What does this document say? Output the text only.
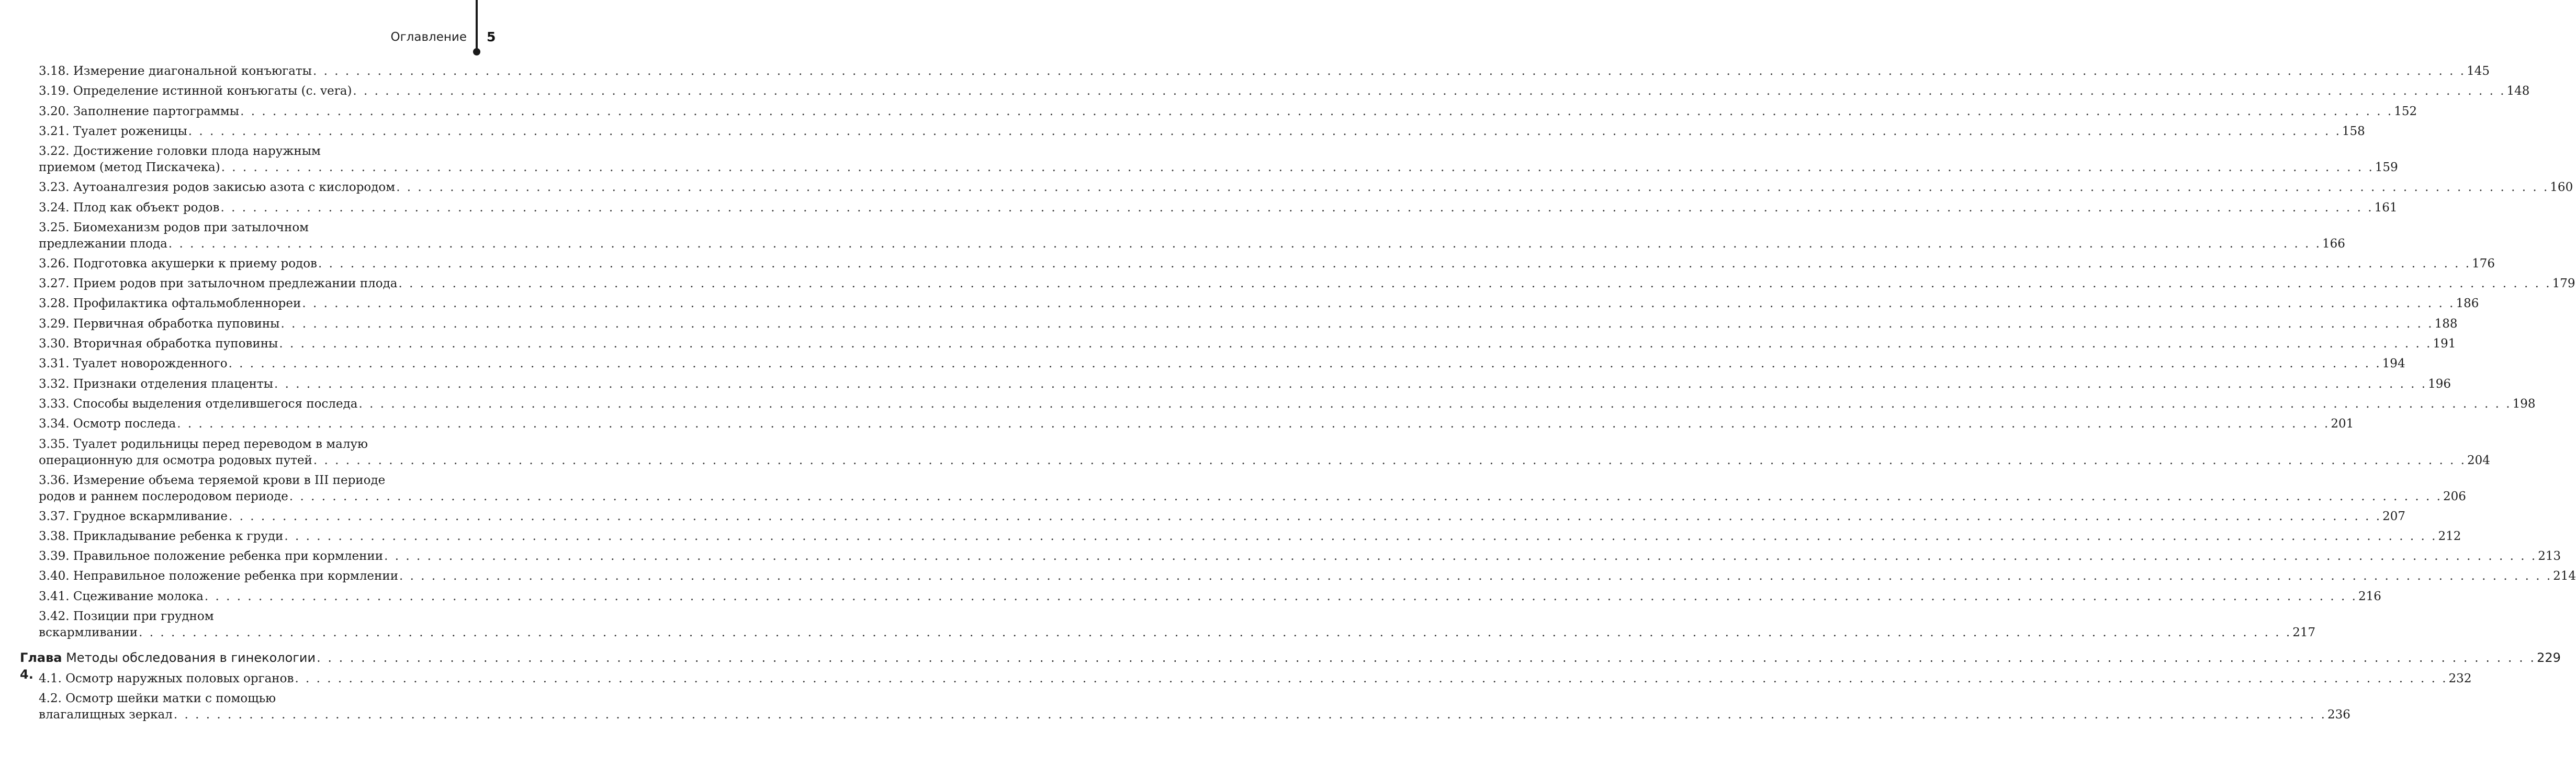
Оглавление 5
3.18. Измерение диагональной конъюгаты . . . . . . . . . . . . . . . . . . . . . . . . . . . . . . . . . . . . . . . . . . . . . . . . . . . . . . . . . . . . . . . . . . . . . . . . . . . . . . . . . . . . . . . . . . . . . . . . . . . . . . . . . . . . . . . . . . . . . . . . . . . . . . . . . . . . . . . . . . . . . . . . . . . . . . . . . . . . . . . . . . . . . . . . . . . . . . . . . . . . . . . . . . . . . . . . . . . . . . . . 145
3.19. Определение истинной конъюгаты (c. vera) . . . . . . . . . . . . . . . . . . . . . . . . . . . . . . . . . . . . . . . . . . . . . . . . . . . . . . . . . . . . . . . . . . . . . . . . . . . . . . . . . . . . . . . . . . . . . . . . . . . . . . . . . . . . . . . . . . . . . . . . . . . . . . . . . . . . . . . . . . . . . . . . . . . . . . . . . . . . . . . . . . . . . . . . . . . . . . . . . . . . . . . . . . . . . . . . . . . . . . . . 148
3.20. Заполнение партограммы . . . . . . . . . . . . . . . . . . . . . . . . . . . . . . . . . . . . . . . . . . . . . . . . . . . . . . . . . . . . . . . . . . . . . . . . . . . . . . . . . . . . . . . . . . . . . . . . . . . . . . . . . . . . . . . . . . . . . . . . . . . . . . . . . . . . . . . . . . . . . . . . . . . . . . . . . . . . . . . . . . . . . . . . . . . . . . . . . . . . . . . . . . . . . . . . . . . . . . . . 152
3.21. Туалет роженицы . . . . . . . . . . . . . . . . . . . . . . . . . . . . . . . . . . . . . . . . . . . . . . . . . . . . . . . . . . . . . . . . . . . . . . . . . . . . . . . . . . . . . . . . . . . . . . . . . . . . . . . . . . . . . . . . . . . . . . . . . . . . . . . . . . . . . . . . . . . . . . . . . . . . . . . . . . . . . . . . . . . . . . . . . . . . . . . . . . . . . . . . . . . . . . . . . . . . . . . . 158
3.22. Достижение головки плода наружным
приемом (метод Пискачека) . . . . . . . . . . . . . . . . . . . . . . . . . . . . . . . . . . . . . . . . . . . . . . . . . . . . . . . . . . . . . . . . . . . . . . . . . . . . . . . . . . . . . . . . . . . . . . . . . . . . . . . . . . . . . . . . . . . . . . . . . . . . . . . . . . . . . . . . . . . . . . . . . . . . . . . . . . . . . . . . . . . . . . . . . . . . . . . . . . . . . . . . . . . . . . . . . . . . . . . . 159
3.23. Аутоаналгезия родов закисью азота с кислородом . . . . . . . . . . . . . . . . . . . . . . . . . . . . . . . . . . . . . . . . . . . . . . . . . . . . . . . . . . . . . . . . . . . . . . . . . . . . . . . . . . . . . . . . . . . . . . . . . . . . . . . . . . . . . . . . . . . . . . . . . . . . . . . . . . . . . . . . . . . . . . . . . . . . . . . . . . . . . . . . . . . . . . . . . . . . . . . . . . . . . . . . . . . . . . . . . . . . . . . . 160
3.24. Плод как объект родов . . . . . . . . . . . . . . . . . . . . . . . . . . . . . . . . . . . . . . . . . . . . . . . . . . . . . . . . . . . . . . . . . . . . . . . . . . . . . . . . . . . . . . . . . . . . . . . . . . . . . . . . . . . . . . . . . . . . . . . . . . . . . . . . . . . . . . . . . . . . . . . . . . . . . . . . . . . . . . . . . . . . . . . . . . . . . . . . . . . . . . . . . . . . . . . . . . . . . . . . 161
3.25. Биомеханизм родов при затылочном
предлежании плода . . . . . . . . . . . . . . . . . . . . . . . . . . . . . . . . . . . . . . . . . . . . . . . . . . . . . . . . . . . . . . . . . . . . . . . . . . . . . . . . . . . . . . . . . . . . . . . . . . . . . . . . . . . . . . . . . . . . . . . . . . . . . . . . . . . . . . . . . . . . . . . . . . . . . . . . . . . . . . . . . . . . . . . . . . . . . . . . . . . . . . . . . . . . . . . . . . . . . . . . 166
3.26. Подготовка акушерки к приему родов . . . . . . . . . . . . . . . . . . . . . . . . . . . . . . . . . . . . . . . . . . . . . . . . . . . . . . . . . . . . . . . . . . . . . . . . . . . . . . . . . . . . . . . . . . . . . . . . . . . . . . . . . . . . . . . . . . . . . . . . . . . . . . . . . . . . . . . . . . . . . . . . . . . . . . . . . . . . . . . . . . . . . . . . . . . . . . . . . . . . . . . . . . . . . . . . . . . . . . . . 176
3.27. Прием родов при затылочном предлежании плода . . . . . . . . . . . . . . . . . . . . . . . . . . . . . . . . . . . . . . . . . . . . . . . . . . . . . . . . . . . . . . . . . . . . . . . . . . . . . . . . . . . . . . . . . . . . . . . . . . . . . . . . . . . . . . . . . . . . . . . . . . . . . . . . . . . . . . . . . . . . . . . . . . . . . . . . . . . . . . . . . . . . . . . . . . . . . . . . . . . . . . . . . . . . . . . . . . . . . . . . 179
3.28. Профилактика офтальмобленнореи . . . . . . . . . . . . . . . . . . . . . . . . . . . . . . . . . . . . . . . . . . . . . . . . . . . . . . . . . . . . . . . . . . . . . . . . . . . . . . . . . . . . . . . . . . . . . . . . . . . . . . . . . . . . . . . . . . . . . . . . . . . . . . . . . . . . . . . . . . . . . . . . . . . . . . . . . . . . . . . . . . . . . . . . . . . . . . . . . . . . . . . . . . . . . . . . . . . . . . . . 186
3.29. Первичная обработка пуповины . . . . . . . . . . . . . . . . . . . . . . . . . . . . . . . . . . . . . . . . . . . . . . . . . . . . . . . . . . . . . . . . . . . . . . . . . . . . . . . . . . . . . . . . . . . . . . . . . . . . . . . . . . . . . . . . . . . . . . . . . . . . . . . . . . . . . . . . . . . . . . . . . . . . . . . . . . . . . . . . . . . . . . . . . . . . . . . . . . . . . . . . . . . . . . . . . . . . . . . . 188
3.30. Вторичная обработка пуповины . . . . . . . . . . . . . . . . . . . . . . . . . . . . . . . . . . . . . . . . . . . . . . . . . . . . . . . . . . . . . . . . . . . . . . . . . . . . . . . . . . . . . . . . . . . . . . . . . . . . . . . . . . . . . . . . . . . . . . . . . . . . . . . . . . . . . . . . . . . . . . . . . . . . . . . . . . . . . . . . . . . . . . . . . . . . . . . . . . . . . . . . . . . . . . . . . . . . . . . . 191
3.31. Туалет новорожденного . . . . . . . . . . . . . . . . . . . . . . . . . . . . . . . . . . . . . . . . . . . . . . . . . . . . . . . . . . . . . . . . . . . . . . . . . . . . . . . . . . . . . . . . . . . . . . . . . . . . . . . . . . . . . . . . . . . . . . . . . . . . . . . . . . . . . . . . . . . . . . . . . . . . . . . . . . . . . . . . . . . . . . . . . . . . . . . . . . . . . . . . . . . . . . . . . . . . . . . . 194
3.32. Признаки отделения плаценты . . . . . . . . . . . . . . . . . . . . . . . . . . . . . . . . . . . . . . . . . . . . . . . . . . . . . . . . . . . . . . . . . . . . . . . . . . . . . . . . . . . . . . . . . . . . . . . . . . . . . . . . . . . . . . . . . . . . . . . . . . . . . . . . . . . . . . . . . . . . . . . . . . . . . . . . . . . . . . . . . . . . . . . . . . . . . . . . . . . . . . . . . . . . . . . . . . . . . . . . 196
3.33. Способы выделения отделившегося последа . . . . . . . . . . . . . . . . . . . . . . . . . . . . . . . . . . . . . . . . . . . . . . . . . . . . . . . . . . . . . . . . . . . . . . . . . . . . . . . . . . . . . . . . . . . . . . . . . . . . . . . . . . . . . . . . . . . . . . . . . . . . . . . . . . . . . . . . . . . . . . . . . . . . . . . . . . . . . . . . . . . . . . . . . . . . . . . . . . . . . . . . . . . . . . . . . . . . . . . . 198
3.34. Осмотр последа . . . . . . . . . . . . . . . . . . . . . . . . . . . . . . . . . . . . . . . . . . . . . . . . . . . . . . . . . . . . . . . . . . . . . . . . . . . . . . . . . . . . . . . . . . . . . . . . . . . . . . . . . . . . . . . . . . . . . . . . . . . . . . . . . . . . . . . . . . . . . . . . . . . . . . . . . . . . . . . . . . . . . . . . . . . . . . . . . . . . . . . . . . . . . . . . . . . . . . . . 201
3.35. Туалет родильницы перед переводом в малую
операционную для осмотра родовых путей . . . . . . . . . . . . . . . . . . . . . . . . . . . . . . . . . . . . . . . . . . . . . . . . . . . . . . . . . . . . . . . . . . . . . . . . . . . . . . . . . . . . . . . . . . . . . . . . . . . . . . . . . . . . . . . . . . . . . . . . . . . . . . . . . . . . . . . . . . . . . . . . . . . . . . . . . . . . . . . . . . . . . . . . . . . . . . . . . . . . . . . . . . . . . . . . . . . . . . . . 204
3.36. Измерение объема теряемой крови в III периоде
родов и раннем послеродовом периоде . . . . . . . . . . . . . . . . . . . . . . . . . . . . . . . . . . . . . . . . . . . . . . . . . . . . . . . . . . . . . . . . . . . . . . . . . . . . . . . . . . . . . . . . . . . . . . . . . . . . . . . . . . . . . . . . . . . . . . . . . . . . . . . . . . . . . . . . . . . . . . . . . . . . . . . . . . . . . . . . . . . . . . . . . . . . . . . . . . . . . . . . . . . . . . . . . . . . . . . . 206
3.37. Грудное вскармливание . . . . . . . . . . . . . . . . . . . . . . . . . . . . . . . . . . . . . . . . . . . . . . . . . . . . . . . . . . . . . . . . . . . . . . . . . . . . . . . . . . . . . . . . . . . . . . . . . . . . . . . . . . . . . . . . . . . . . . . . . . . . . . . . . . . . . . . . . . . . . . . . . . . . . . . . . . . . . . . . . . . . . . . . . . . . . . . . . . . . . . . . . . . . . . . . . . . . . . . . 207
3.38. Прикладывание ребенка к груди . . . . . . . . . . . . . . . . . . . . . . . . . . . . . . . . . . . . . . . . . . . . . . . . . . . . . . . . . . . . . . . . . . . . . . . . . . . . . . . . . . . . . . . . . . . . . . . . . . . . . . . . . . . . . . . . . . . . . . . . . . . . . . . . . . . . . . . . . . . . . . . . . . . . . . . . . . . . . . . . . . . . . . . . . . . . . . . . . . . . . . . . . . . . . . . . . . . . . . . . 212
3.39. Правильное положение ребенка при кормлении . . . . . . . . . . . . . . . . . . . . . . . . . . . . . . . . . . . . . . . . . . . . . . . . . . . . . . . . . . . . . . . . . . . . . . . . . . . . . . . . . . . . . . . . . . . . . . . . . . . . . . . . . . . . . . . . . . . . . . . . . . . . . . . . . . . . . . . . . . . . . . . . . . . . . . . . . . . . . . . . . . . . . . . . . . . . . . . . . . . . . . . . . . . . . . . . . . . . . . . . 213
3.40. Неправильное положение ребенка при кормлении . . . . . . . . . . . . . . . . . . . . . . . . . . . . . . . . . . . . . . . . . . . . . . . . . . . . . . . . . . . . . . . . . . . . . . . . . . . . . . . . . . . . . . . . . . . . . . . . . . . . . . . . . . . . . . . . . . . . . . . . . . . . . . . . . . . . . . . . . . . . . . . . . . . . . . . . . . . . . . . . . . . . . . . . . . . . . . . . . . . . . . . . . . . . . . . . . . . . . . . . 214
3.41. Сцеживание молока . . . . . . . . . . . . . . . . . . . . . . . . . . . . . . . . . . . . . . . . . . . . . . . . . . . . . . . . . . . . . . . . . . . . . . . . . . . . . . . . . . . . . . . . . . . . . . . . . . . . . . . . . . . . . . . . . . . . . . . . . . . . . . . . . . . . . . . . . . . . . . . . . . . . . . . . . . . . . . . . . . . . . . . . . . . . . . . . . . . . . . . . . . . . . . . . . . . . . . . . 216
3.42. Позиции при грудном
вскармливании . . . . . . . . . . . . . . . . . . . . . . . . . . . . . . . . . . . . . . . . . . . . . . . . . . . . . . . . . . . . . . . . . . . . . . . . . . . . . . . . . . . . . . . . . . . . . . . . . . . . . . . . . . . . . . . . . . . . . . . . . . . . . . . . . . . . . . . . . . . . . . . . . . . . . . . . . . . . . . . . . . . . . . . . . . . . . . . . . . . . . . . . . . . . . . . . . . . . . . . . 217
Глава 4.

Методы обследования в гинекологии . . . . . . . . . . . . . . . . . . . . . . . . . . . . . . . . . . . . . . . . . . . . . . . . . . . . . . . . . . . . . . . . . . . . . . . . . . . . . . . . . . . . . . . . . . . . . . . . . . . . . . . . . . . . . . . . . . . . . . . . . . . . . . . . . . . . . . . . . . . . . . . . . . . . . . . . . . . . . . . . . . . . . . . . . . . . . . . . . . . . . . . . . . . . . . . . . . . . . . . . 229
4.1. Осмотр наружных половых органов . . . . . . . . . . . . . . . . . . . . . . . . . . . . . . . . . . . . . . . . . . . . . . . . . . . . . . . . . . . . . . . . . . . . . . . . . . . . . . . . . . . . . . . . . . . . . . . . . . . . . . . . . . . . . . . . . . . . . . . . . . . . . . . . . . . . . . . . . . . . . . . . . . . . . . . . . . . . . . . . . . . . . . . . . . . . . . . . . . . . . . . . . . . . . . . . . . . . . . . . 232
4.2. Осмотр шейки матки с помощью
влагалищных зеркал . . . . . . . . . . . . . . . . . . . . . . . . . . . . . . . . . . . . . . . . . . . . . . . . . . . . . . . . . . . . . . . . . . . . . . . . . . . . . . . . . . . . . . . . . . . . . . . . . . . . . . . . . . . . . . . . . . . . . . . . . . . . . . . . . . . . . . . . . . . . . . . . . . . . . . . . . . . . . . . . . . . . . . . . . . . . . . . . . . . . . . . . . . . . . . . . . . . . . . . . 236
